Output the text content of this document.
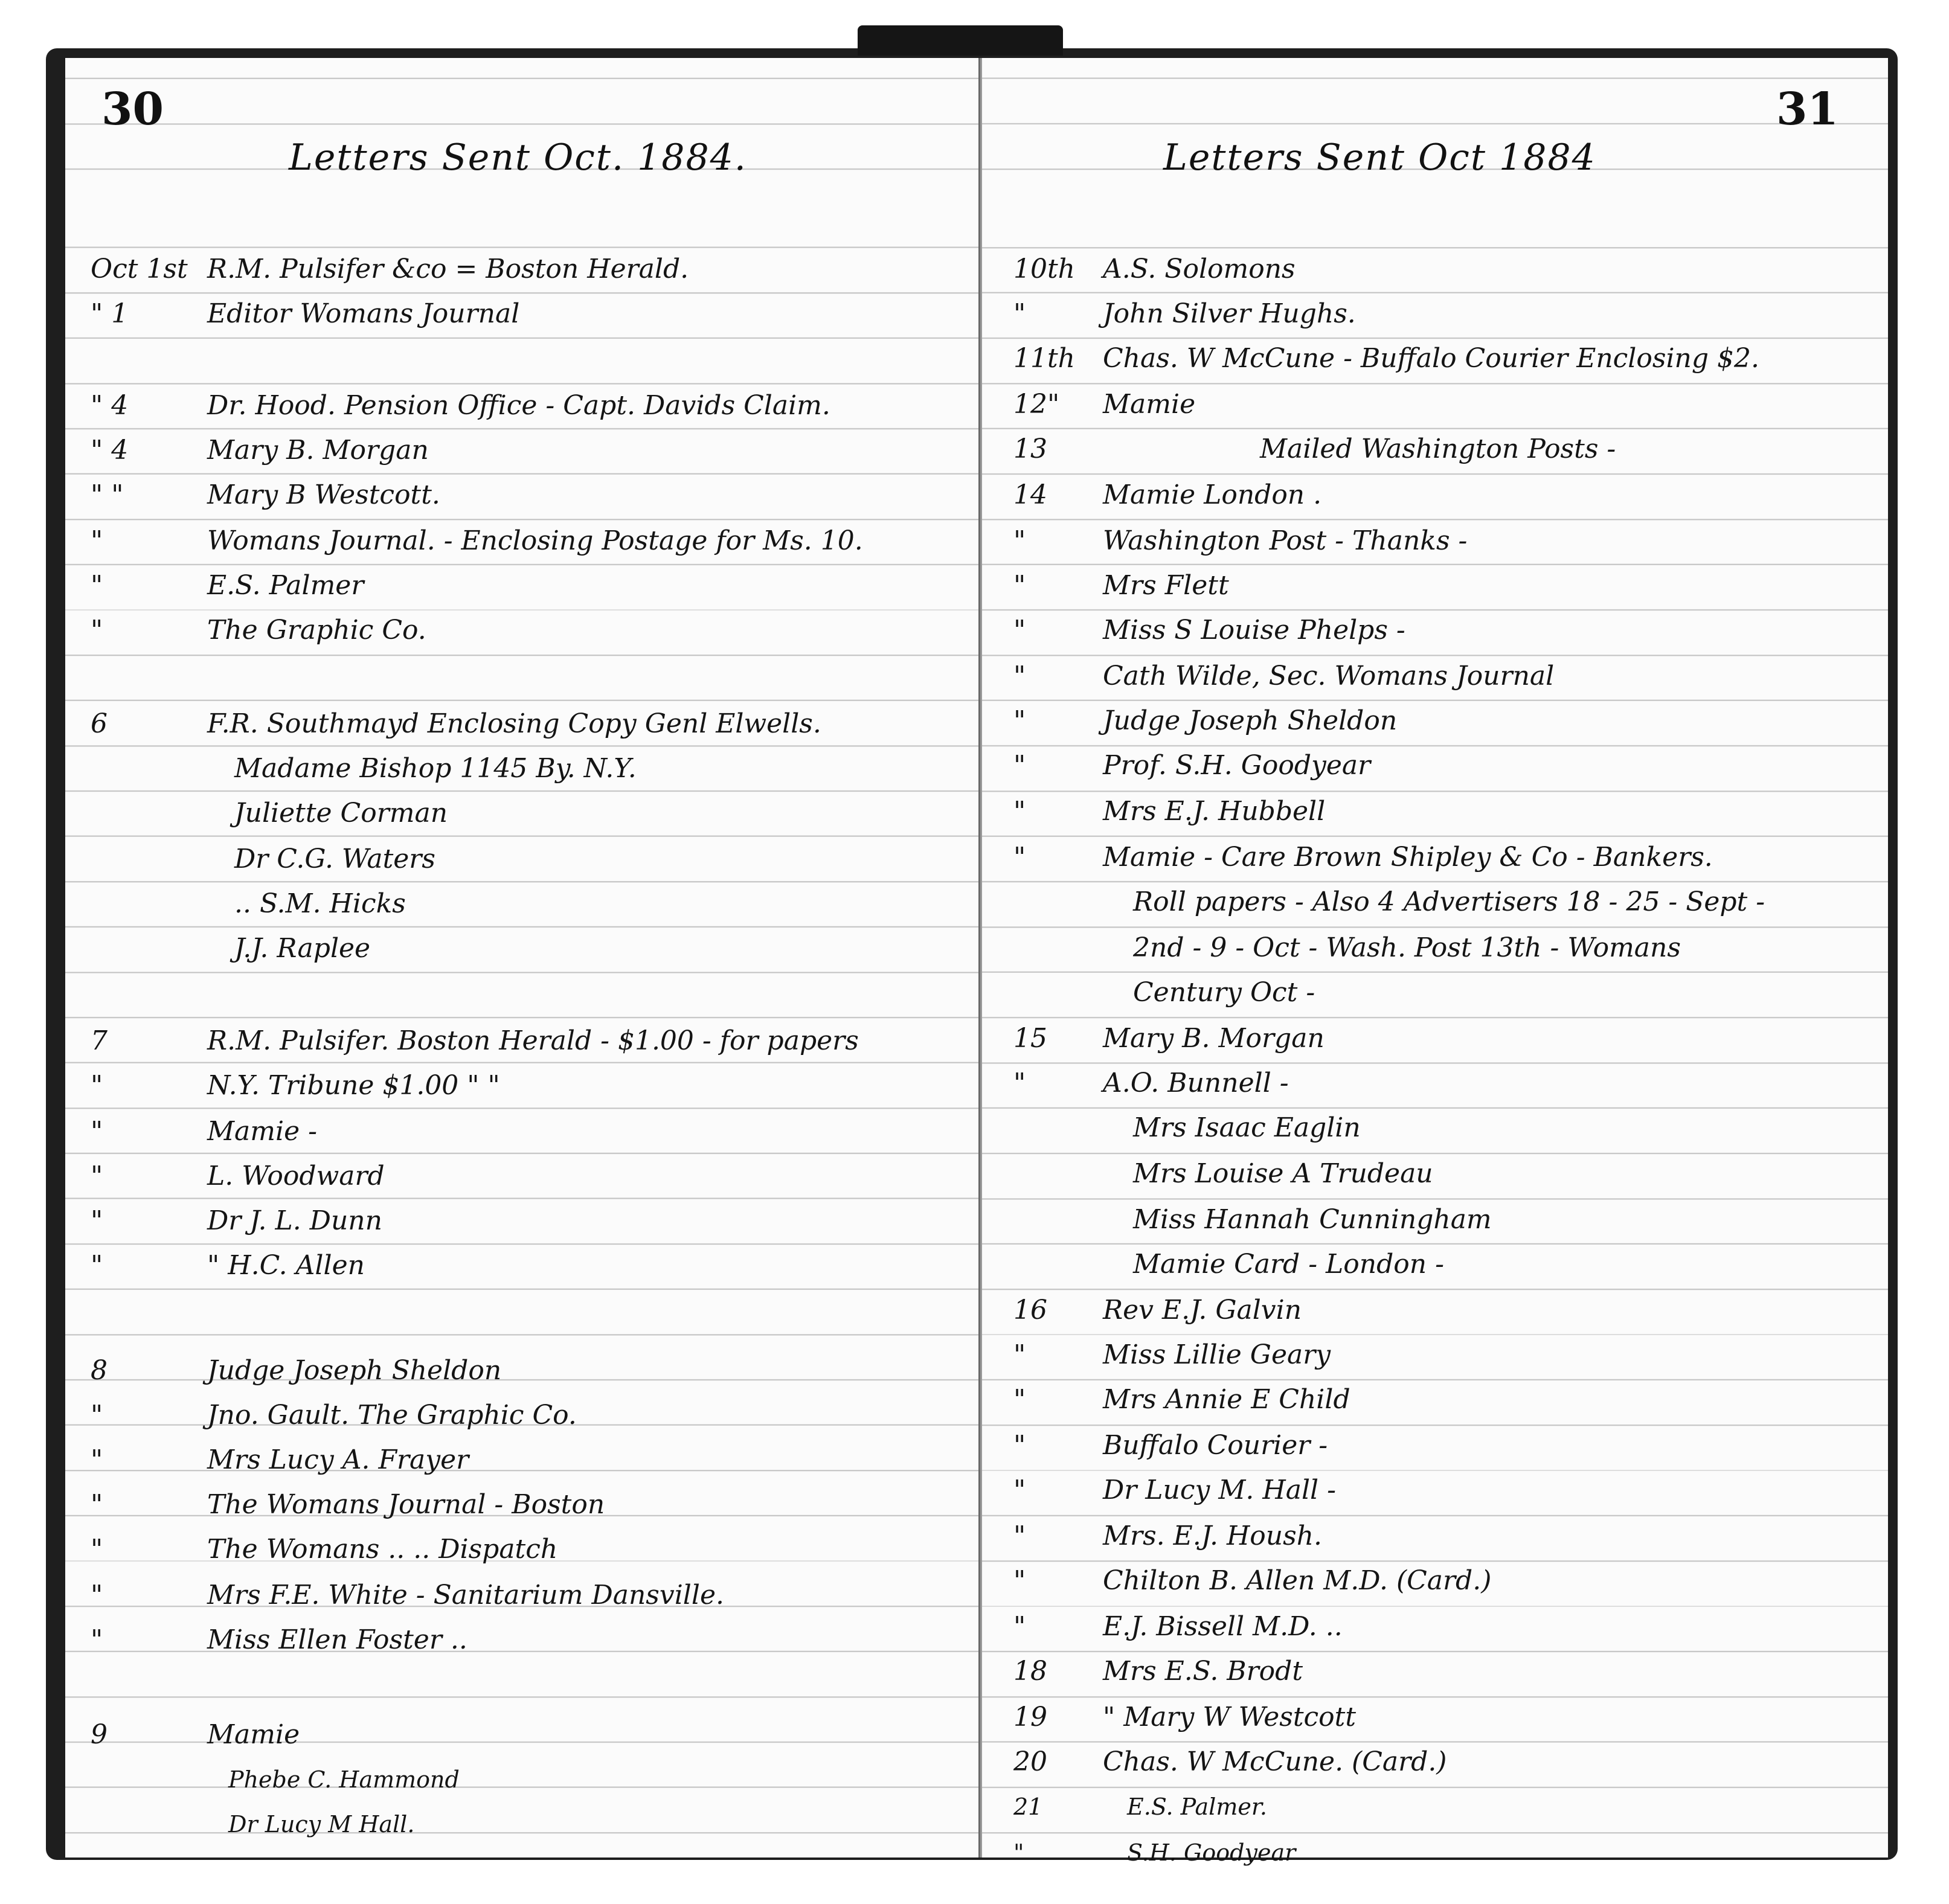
30
Letters Sent Oct. 1884.
Oct 1st R.M. Pulsifer &co = Boston Herald.
" 1	Editor Womans Journal
" 4	Dr. Hood. Pension Office - Capt. Davids Claim.
" 4	Mary B. Morgan
" "	Mary B Westcott.
"	Womans Journal. - Enclosing Postage for Ms. 10.
"	E.S. Palmer
"	The Graphic Co.
6	F.R. Southmayd Enclosing Copy Genl Elwells.
Madame Bishop 1145 By. N.Y.
Juliette Corman
Dr C.G. Waters
.. S.M. Hicks
J.J. Raplee
7	R.M. Pulsifer. Boston Herald - $1.00 - for papers
"	N.Y. Tribune $1.00 " "
"	Mamie -
"	L. Woodward
"	Dr J. L. Dunn
"	" H.C. Allen
8	Judge Joseph Sheldon
"	Jno. Gault. The Graphic Co.
"	Mrs Lucy A. Frayer
"	The Womans Journal - Boston
"	The Womans .. .. Dispatch
"	Mrs F.E. White - Sanitarium Dansville.
"	Miss Ellen Foster ..
9	Mamie
Phebe C. Hammond
Dr Lucy M Hall.
31
Letters Sent Oct 1884
10th	A.S. Solomons
"	John Silver Hughs.
11th	Chas. W McCune - Buffalo Courier Enclosing $2.
12"	Mamie
13	Mailed Washington Posts -
14	Mamie London .
"	Washington Post - Thanks -
"	Mrs Flett
"	Miss S Louise Phelps -
"	Cath Wilde, Sec. Womans Journal
"	Judge Joseph Sheldon
"	Prof. S.H. Goodyear
"	Mrs E.J. Hubbell
"	Mamie - Care Brown Shipley & Co - Bankers.
Roll papers - Also 4 Advertisers 18 - 25 - Sept -
2nd - 9 - Oct - Wash. Post 13th - Womans
Century Oct -
15	Mary B. Morgan
"	A.O. Bunnell -
Mrs Isaac Eaglin
Mrs Louise A Trudeau
Miss Hannah Cunningham
Mamie Card - London -
16	Rev E.J. Galvin
"	Miss Lillie Geary
"	Mrs Annie E Child
"	Buffalo Courier -
"	Dr Lucy M. Hall -
"	Mrs. E.J. Housh.
"	Chilton B. Allen M.D. (Card.)
"	E.J. Bissell M.D. ..
18	Mrs E.S. Brodt
19	" Mary W Westcott
20	Chas. W McCune. (Card.)
21	E.S. Palmer.
"	S.H. Goodyear
